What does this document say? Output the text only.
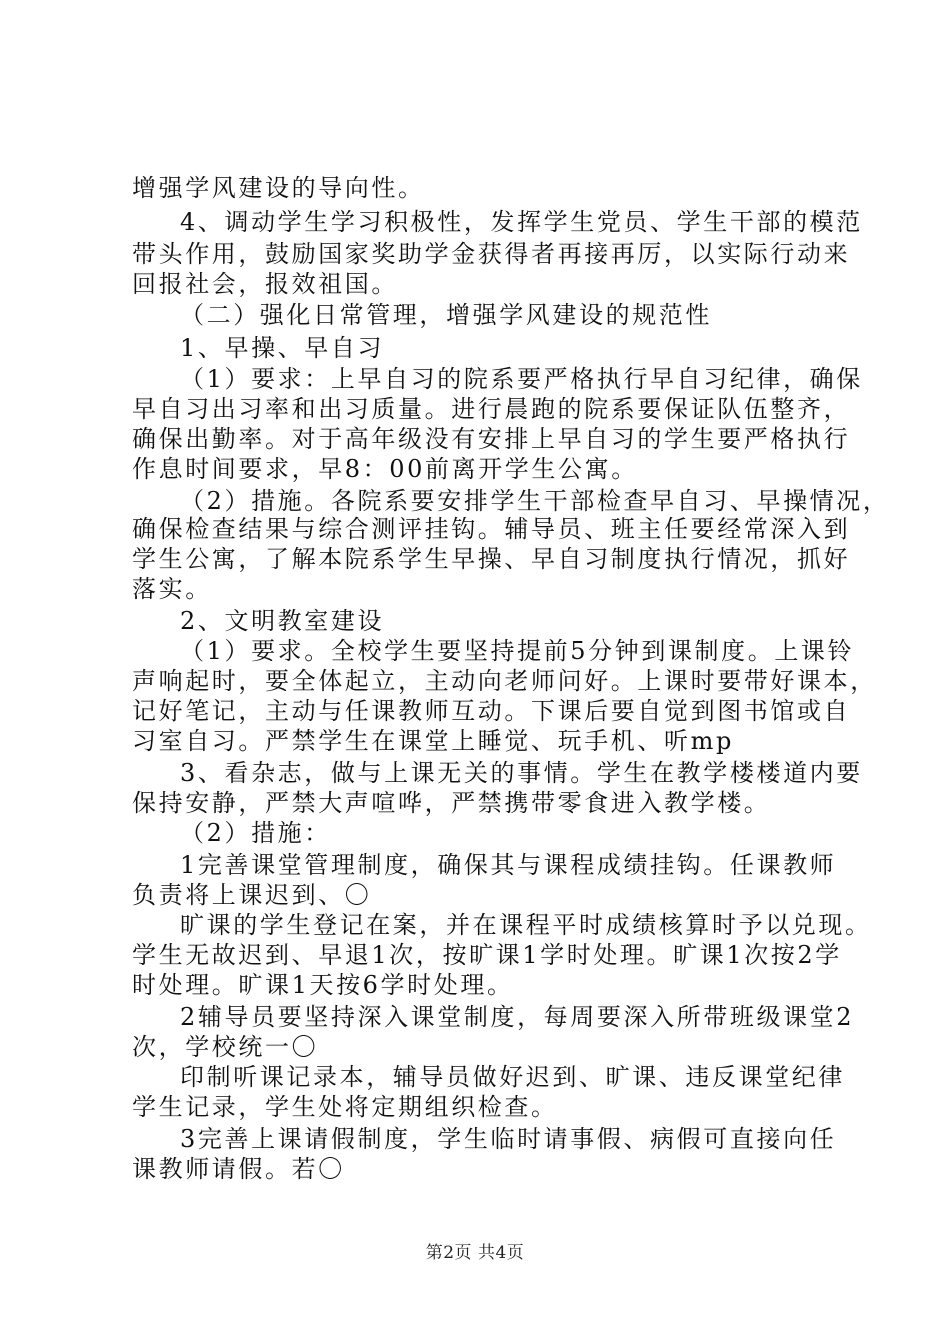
增强学风建设的导向性。
4、调动学生学习积极性，发挥学生党员、学生干部的模范
带头作用，鼓励国家奖助学金获得者再接再厉，以实际行动来
回报社会，报效祖国。
（二）强化日常管理，增强学风建设的规范性
1、早操、早自习
（1）要求：上早自习的院系要严格执行早自习纪律，确保
早自习出习率和出习质量。进行晨跑的院系要保证队伍整齐，
确保出勤率。对于高年级没有安排上早自习的学生要严格执行
作息时间要求，早8：00前离开学生公寓。
（2）措施。各院系要安排学生干部检查早自习、早操情况，
确保检查结果与综合测评挂钩。辅导员、班主任要经常深入到
学生公寓，了解本院系学生早操、早自习制度执行情况，抓好
落实。
2、文明教室建设
（1）要求。全校学生要坚持提前5分钟到课制度。上课铃
声响起时，要全体起立，主动向老师问好。上课时要带好课本，
记好笔记，主动与任课教师互动。下课后要自觉到图书馆或自
习室自习。严禁学生在课堂上睡觉、玩手机、听mp
3、看杂志，做与上课无关的事情。学生在教学楼楼道内要
保持安静，严禁大声喧哗，严禁携带零食进入教学楼。
（2）措施：
1完善课堂管理制度，确保其与课程成绩挂钩。任课教师
负责将上课迟到、〇
旷课的学生登记在案，并在课程平时成绩核算时予以兑现。
学生无故迟到、早退1次，按旷课1学时处理。旷课1次按2学
时处理。旷课1天按6学时处理。
2辅导员要坚持深入课堂制度，每周要深入所带班级课堂2
次，学校统一〇
印制听课记录本，辅导员做好迟到、旷课、违反课堂纪律
学生记录，学生处将定期组织检查。
3完善上课请假制度，学生临时请事假、病假可直接向任
课教师请假。若〇
第2页 共4页
